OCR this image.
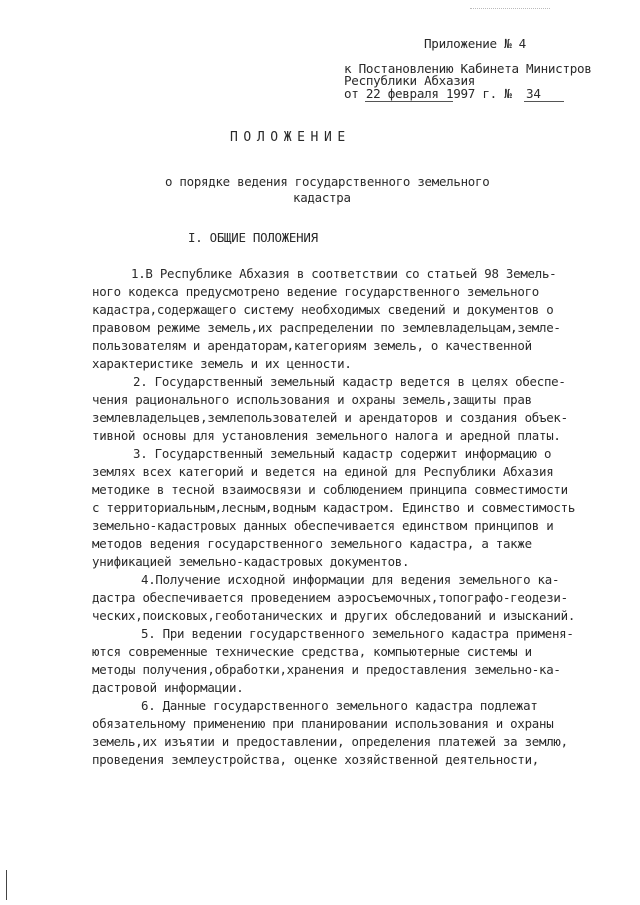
Приложение № 4
к Постановлению Кабинета Министров
Республики Абхазия
от 22 февраля 1997 г. №  34
ПОЛОЖЕНИЕ
о порядке ведения государственного земельного
кадастра
I. ОБЩИЕ ПОЛОЖЕНИЯ
1.В Республике Абхазия в соответствии со статьей 98 Земель-
ного кодекса предусмотрено ведение государственного земельного
кадастра,содержащего систему необходимых сведений и документов о
правовом режиме земель,их распределении по землевладельцам,земле-
пользователям и арендаторам,категориям земель, о качественной
характеристике земель и их ценности.
2. Государственный земельный кадастр ведется в целях обеспе-
чения рационального использования и охраны земель,защиты прав
землевладельцев,землепользователей и арендаторов и создания объек-
тивной основы для установления земельного налога и аредной платы.
3. Государственный земельный кадастр содержит информацию о
землях всех категорий и ведется на единой для Республики Абхазия
методике в тесной взаимосвязи и соблюдением принципа совместимости
с территориальным,лесным,водным кадастром. Единство и совместимость
земельно-кадастровых данных обеспечивается единством принципов и
методов ведения государственного земельного кадастра, а также
унификацией земельно-кадастровых документов.
4.Получение исходной информации для ведения земельного ка-
дастра обеспечивается проведением аэросъемочных,топографо-геодези-
ческих,поисковых,геоботанических и других обследований и изысканий.
5. При ведении государственного земельного кадастра применя-
ются современные технические средства, компьютерные системы и
методы получения,обработки,хранения и предоставления земельно-ка-
дастровой информации.
6. Данные государственного земельного кадастра подлежат
обязательному применению при планировании использования и охраны
земель,их изъятии и предоставлении, определения платежей за землю,
проведения землеустройства, оценке хозяйственной деятельности,
